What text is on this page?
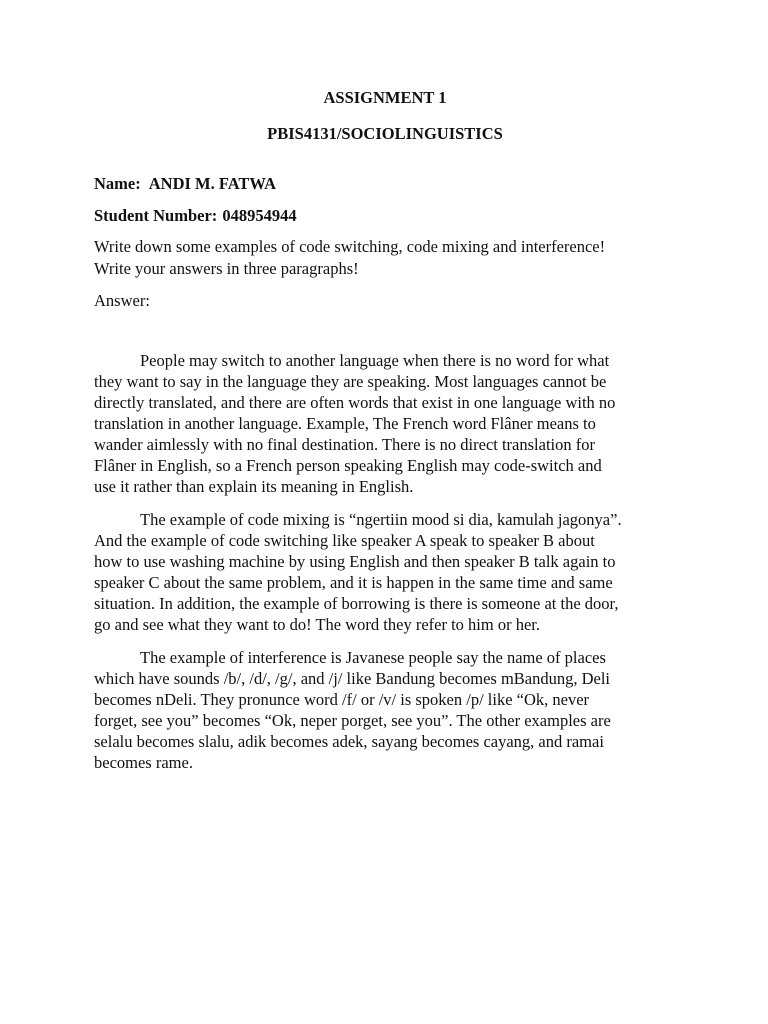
ASSIGNMENT 1

PBIS4131/SOCIOLINGUISTICS

Name: ANDI M. FATWA

Student Number: 048954944

Write down some examples of code switching, code mixing and interference!
Write your answers in three paragraphs!

Answer:

People may switch to another language when there is no word for what
they want to say in the language they are speaking. Most languages cannot be
directly translated, and there are often words that exist in one language with no
translation in another language. Example, The French word Flâner means to
wander aimlessly with no final destination. There is no direct translation for
Flâner in English, so a French person speaking English may code-switch and
use it rather than explain its meaning in English.

The example of code mixing is “ngertiin mood si dia, kamulah jagonya”.
And the example of code switching like speaker A speak to speaker B about
how to use washing machine by using English and then speaker B talk again to
speaker C about the same problem, and it is happen in the same time and same
situation. In addition, the example of borrowing is there is someone at the door,
go and see what they want to do! The word they refer to him or her.

The example of interference is Javanese people say the name of places
which have sounds /b/, /d/, /g/, and /j/ like Bandung becomes mBandung, Deli
becomes nDeli. They pronunce word /f/ or /v/ is spoken /p/ like “Ok, never
forget, see you” becomes “Ok, neper porget, see you”. The other examples are
selalu becomes slalu, adik becomes adek, sayang becomes cayang, and ramai
becomes rame.
